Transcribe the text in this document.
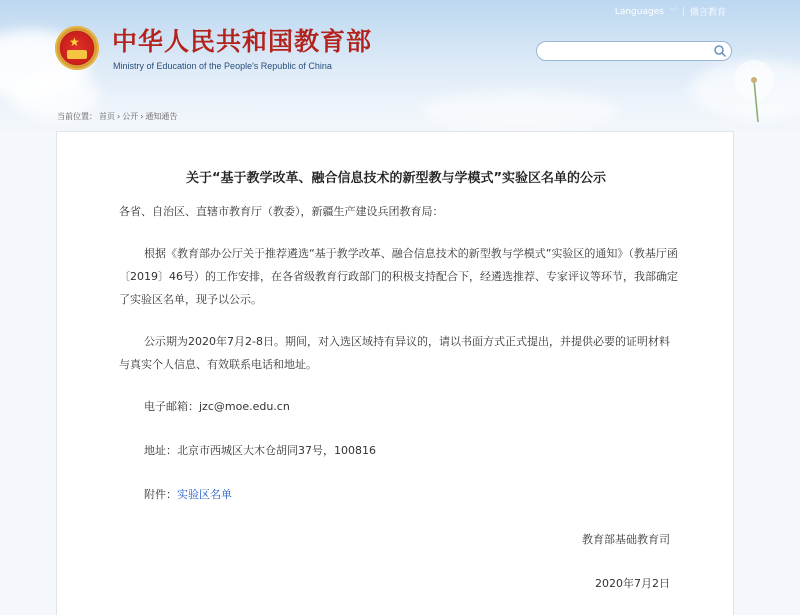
Languages ﹀ | 微言教育
★ 中华人民共和国教育部
Ministry of Education of the People's Republic of China
当前位置： 首页 › 公开 › 通知通告
关于“基于教学改革、融合信息技术的新型教与学模式”实验区名单的公示
各省、自治区、直辖市教育厅（教委），新疆生产建设兵团教育局：
根据《教育部办公厅关于推荐遴选“基于教学改革、融合信息技术的新型教与学模式”实验区的通知》（教基厅函〔2019〕46号）的工作安排，在各省级教育行政部门的积极支持配合下，经遴选推荐、专家评议等环节，我部确定了实验区名单，现予以公示。
公示期为2020年7月2-8日。期间，对入选区域持有异议的，请以书面方式正式提出，并提供必要的证明材料与真实个人信息、有效联系电话和地址。
电子邮箱：jzc@moe.edu.cn
地址：北京市西城区大木仓胡同37号，100816
附件：实验区名单
教育部基础教育司
2020年7月2日
